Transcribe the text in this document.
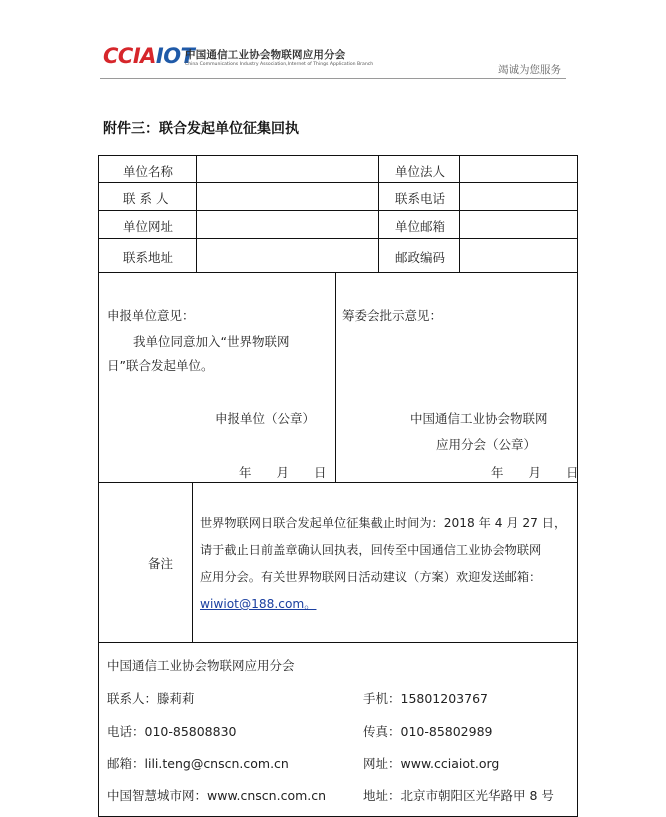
CCIAIOT
中国通信工业协会物联网应用分会
China Communications Industry Association,Internet of Things Application Branch	竭诚为您服务
附件三：联合发起单位征集回执
单位名称	单位法人
联 系 人	联系电话
单位网址	单位邮箱
联系地址	邮政编码
申报单位意见：
我单位同意加入“世界物联网
日”联合发起单位。
申报单位（公章）
年　　月　　日
筹委会批示意见：
中国通信工业协会物联网
应用分会（公章）
年　　月　　日
备注
世界物联网日联合发起单位征集截止时间为：2018 年 4 月 27 日，
请于截止日前盖章确认回执表，回传至中国通信工业协会物联网
应用分会。有关世界物联网日活动建议（方案）欢迎发送邮箱：
wiwiot@188.com。
中国通信工业协会物联网应用分会
联系人：滕莉莉	手机：15801203767
电话：010-85808830	传真：010-85802989
邮箱：lili.teng@cnscn.com.cn	网址：www.cciaiot.org
中国智慧城市网：www.cnscn.com.cn	地址：北京市朝阳区光华路甲 8 号
